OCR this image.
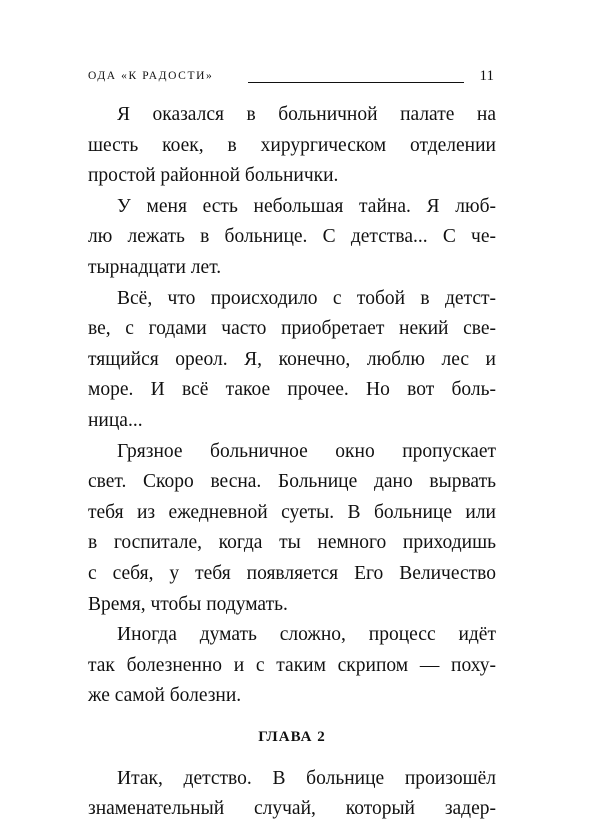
ОДА «К РАДОСТИ»	11
Я оказался в больничной палате на
шесть коек, в хирургическом отделении
простой районной больнички.
У меня есть небольшая тайна. Я люб-
лю лежать в больнице. С детства... С че-
тырнадцати лет.
Всё, что происходило с тобой в детст-
ве, с годами часто приобретает некий све-
тящийся ореол. Я, конечно, люблю лес и
море. И всё такое прочее. Но вот боль-
ница...
Грязное больничное окно пропускает
свет. Скоро весна. Больнице дано вырвать
тебя из ежедневной суеты. В больнице или
в госпитале, когда ты немного приходишь
с себя, у тебя появляется Его Величество
Время, чтобы подумать.
Иногда думать сложно, процесс идёт
так болезненно и с таким скрипом — поху-
же самой болезни.
ГЛАВА 2
Итак, детство. В больнице произошёл
знаменательный случай, который задер-
